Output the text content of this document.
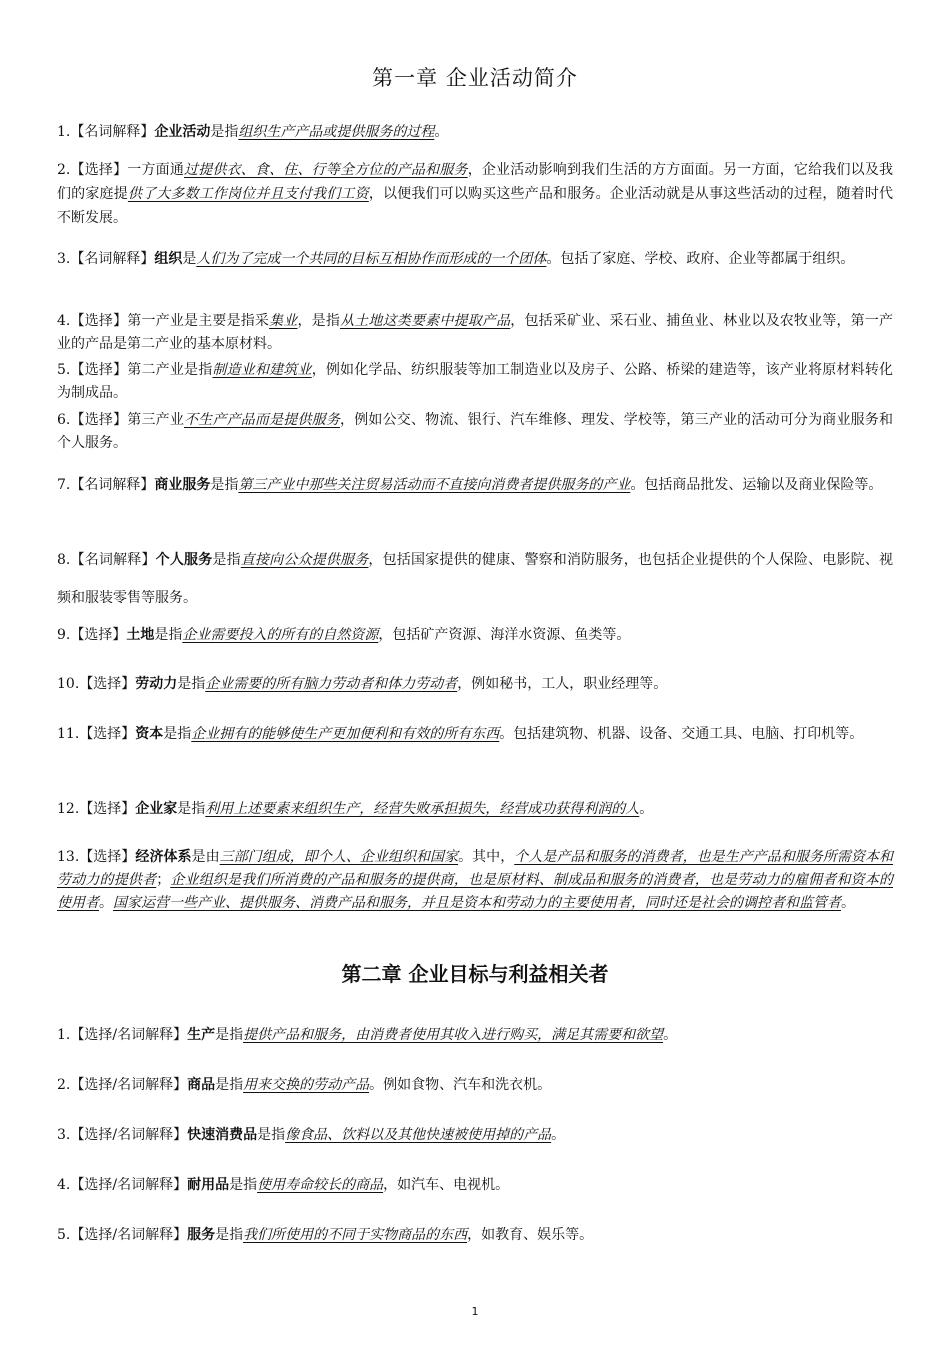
第一章 企业活动简介

1.【名词解释】企业活动是指组织生产产品或提供服务的过程。

2.【选择】一方面通过提供衣、食、住、行等全方位的产品和服务，企业活动影响到我们生活的方方面面。另一方面，它给我们以及我们的家庭提供了大多数工作岗位并且支付我们工资，以便我们可以购买这些产品和服务。企业活动就是从事这些活动的过程，随着时代不断发展。

3.【名词解释】组织是人们为了完成一个共同的目标互相协作而形成的一个团体。包括了家庭、学校、政府、企业等都属于组织。

4.【选择】第一产业是主要是指采集业，是指从土地这类要素中提取产品，包括采矿业、采石业、捕鱼业、林业以及农牧业等，第一产业的产品是第二产业的基本原材料。

5.【选择】第二产业是指制造业和建筑业，例如化学品、纺织服装等加工制造业以及房子、公路、桥梁的建造等，该产业将原材料转化为制成品。

6.【选择】第三产业不生产产品而是提供服务，例如公交、物流、银行、汽车维修、理发、学校等，第三产业的活动可分为商业服务和个人服务。

7.【名词解释】商业服务是指第三产业中那些关注贸易活动而不直接向消费者提供服务的产业。包括商品批发、运输以及商业保险等。

8.【名词解释】个人服务是指直接向公众提供服务，包括国家提供的健康、警察和消防服务，也包括企业提供的个人保险、电影院、视频和服装零售等服务。

9.【选择】土地是指企业需要投入的所有的自然资源，包括矿产资源、海洋水资源、鱼类等。

10.【选择】劳动力是指企业需要的所有脑力劳动者和体力劳动者，例如秘书，工人，职业经理等。

11.【选择】资本是指企业拥有的能够使生产更加便利和有效的所有东西。包括建筑物、机器、设备、交通工具、电脑、打印机等。

12.【选择】企业家是指利用上述要素来组织生产，经营失败承担损失，经营成功获得利润的人。

13.【选择】经济体系是由三部门组成，即个人、企业组织和国家。其中，个人是产品和服务的消费者，也是生产产品和服务所需资本和劳动力的提供者；企业组织是我们所消费的产品和服务的提供商，也是原材料、制成品和服务的消费者，也是劳动力的雇佣者和资本的使用者。国家运营一些产业、提供服务、消费产品和服务，并且是资本和劳动力的主要使用者，同时还是社会的调控者和监管者。

第二章 企业目标与利益相关者

1.【选择/名词解释】生产是指提供产品和服务，由消费者使用其收入进行购买，满足其需要和欲望。

2.【选择/名词解释】商品是指用来交换的劳动产品。例如食物、汽车和洗衣机。

3.【选择/名词解释】快速消费品是指像食品、饮料以及其他快速被使用掉的产品。

4.【选择/名词解释】耐用品是指使用寿命较长的商品，如汽车、电视机。

5.【选择/名词解释】服务是指我们所使用的不同于实物商品的东西，如教育、娱乐等。

1
